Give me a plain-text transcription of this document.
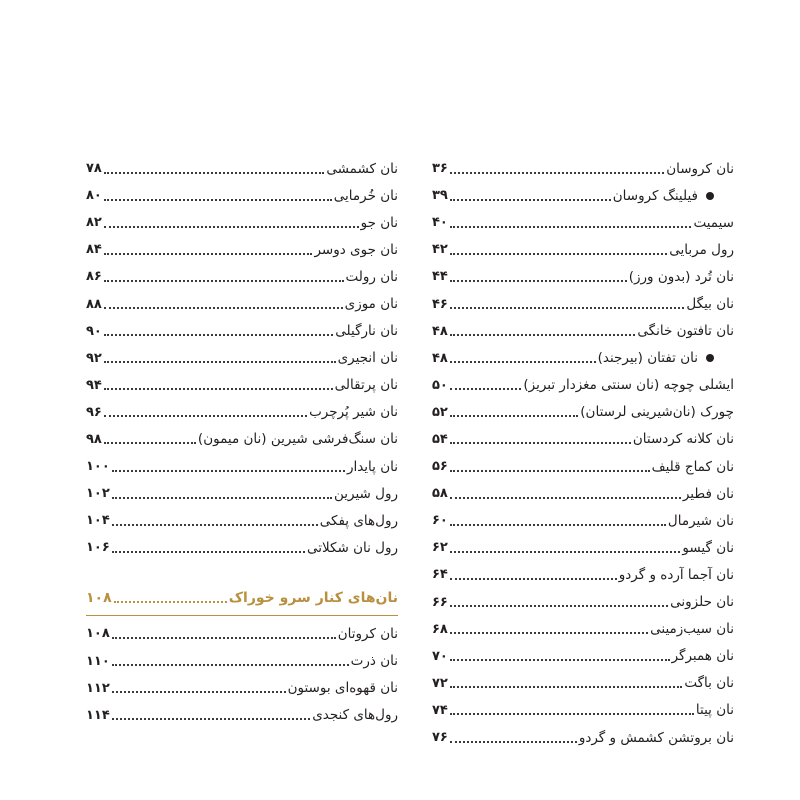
نان کروسان
۳۶
فیلینگ کروسان
۳۹
سیمیت
۴۰
رول مربایی
۴۲
نان تُرد (بدون ورز)
۴۴
نان بیگل
۴۶
نان تافتون خانگی
۴۸
نان تفتان (بیرجند)
۴۸
ایشلی چوچه (نان سنتی مغزدار تبریز)
۵۰
چورک (نان‌شیرینی لرستان)
۵۲
نان کلانه کردستان
۵۴
نان کماج قلیف
۵۶
نان فطیر
۵۸
نان شیرمال
۶۰
نان گیسو
۶۲
نان آجما آرده و گردو
۶۴
نان حلزونی
۶۶
نان سیب‌زمینی
۶۸
نان همبرگر
۷۰
نان باگت
۷۲
نان پیتا
۷۴
نان بروتشن کشمش و گردو
۷۶
نان کشمشی
۷۸
نان خُرمایی
۸۰
نان جو
۸۲
نان جوی دوسر
۸۴
نان رولت
۸۶
نان موزی
۸۸
نان نارگیلی
۹۰
نان انجیری
۹۲
نان پرتقالی
۹۴
نان شیر پُرچرب
۹۶
نان سنگ‌فرشی شیرین (نان میمون)
۹۸
نان پایدار
۱۰۰
رول شیرین
۱۰۲
رول‌های پفکی
۱۰۴
رول نان شکلاتی
۱۰۶
نان‌های کنار سرو خوراک
۱۰۸
نان کروتان
۱۰۸
نان ذرت
۱۱۰
نان قهوه‌ای بوستون
۱۱۲
رول‌های کنجدی
۱۱۴
